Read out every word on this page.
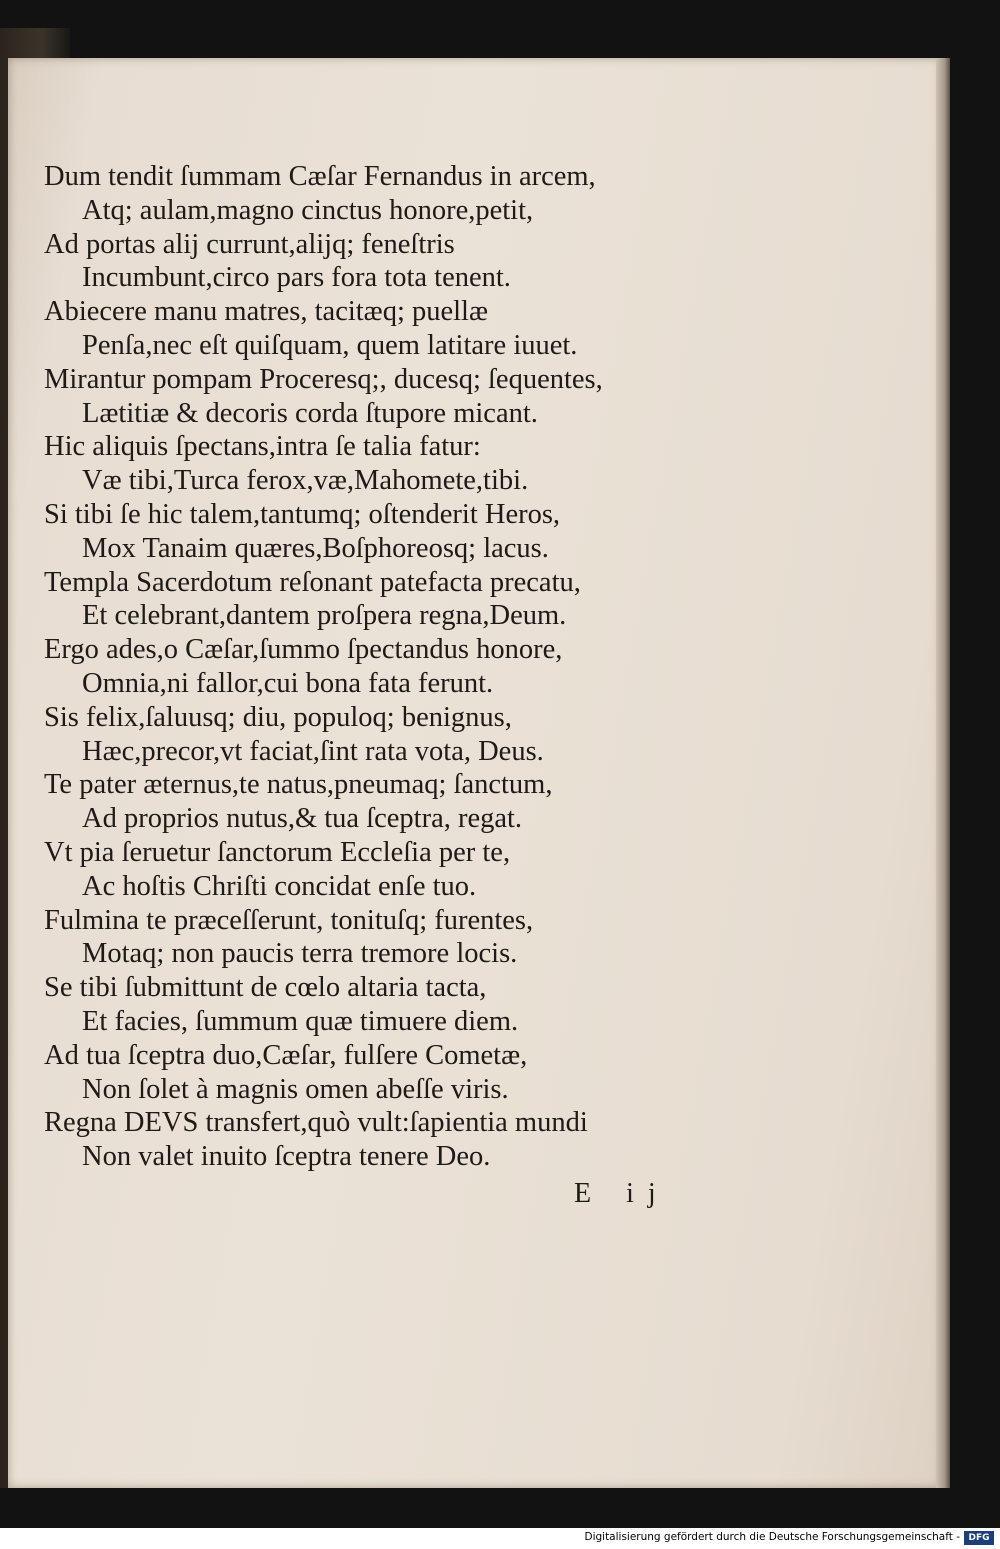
Dum tendit ſummam Cæſar Fernandus in arcem,
Atq; aulam,magno cinctus honore,petit,
Ad portas alij currunt,alijq; feneſtris
Incumbunt,circo pars fora tota tenent.
Abiecere manu matres, tacitæq; puellæ
Penſa,nec eſt quiſquam, quem latitare iuuet.
Mirantur pompam Proceresq;, ducesq; ſequentes,
Lætitiæ & decoris corda ſtupore micant.
Hic aliquis ſpectans,intra ſe talia fatur:
Væ tibi,Turca ferox,væ,Mahomete,tibi.
Si tibi ſe hic talem,tantumq; oſtenderit Heros,
Mox Tanaim quæres,Boſphoreosq; lacus.
Templa Sacerdotum reſonant patefacta precatu,
Et celebrant,dantem proſpera regna,Deum.
Ergo ades,o Cæſar,ſummo ſpectandus honore,
Omnia,ni fallor,cui bona fata ferunt.
Sis felix,ſaluusq; diu, populoq; benignus,
Hæc,precor,vt faciat,ſint rata vota, Deus.
Te pater æternus,te natus,pneumaq; ſanctum,
Ad proprios nutus,& tua ſceptra, regat.
Vt pia ſeruetur ſanctorum Eccleſia per te,
Ac hoſtis Chriſti concidat enſe tuo.
Fulmina te præceſſerunt, tonituſq; furentes,
Motaq; non paucis terra tremore locis.
Se tibi ſubmittunt de cœlo altaria tacta,
Et facies, ſummum quæ timuere diem.
Ad tua ſceptra duo,Cæſar, fulſere Cometæ,
Non ſolet à magnis omen abeſſe viris.
Regna DEVS transfert,quò vult:ſapientia mundi
Non valet inuito ſceptra tenere Deo.
E ij
Digitalisierung gefördert durch die Deutsche Forschungsgemeinschaft - DFG
